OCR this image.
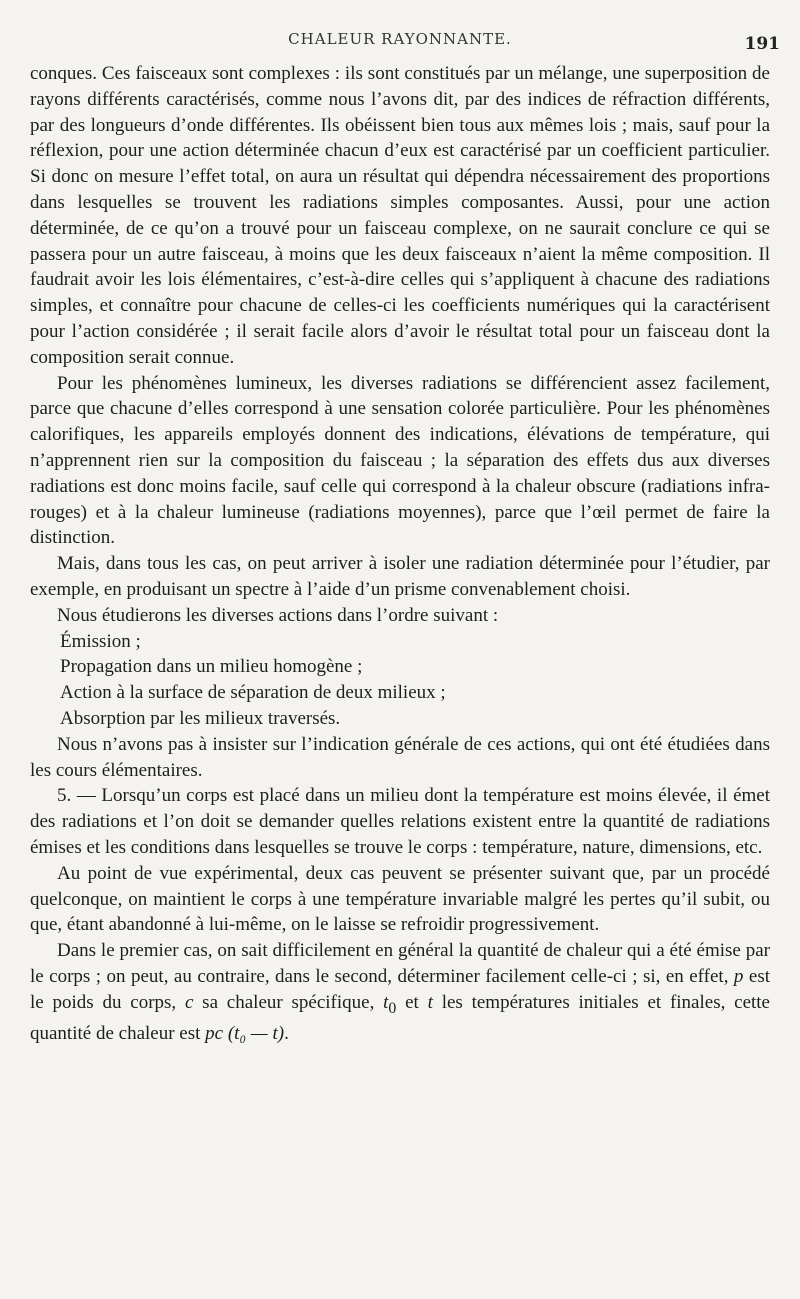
CHALEUR RAYONNANTE.	191

conques. Ces faisceaux sont complexes : ils sont constitués par un mélange, une superposition de rayons différents caractérisés, comme nous l’avons dit, par des indices de réfraction différents, par des longueurs d’onde différentes. Ils obéissent bien tous aux mêmes lois ; mais, sauf pour la réflexion, pour une action déterminée chacun d’eux est caractérisé par un coefficient particulier. Si donc on mesure l’effet total, on aura un résultat qui dépendra nécessairement des proportions dans lesquelles se trouvent les radiations simples composantes. Aussi, pour une action déterminée, de ce qu’on a trouvé pour un faisceau complexe, on ne saurait conclure ce qui se passera pour un autre faisceau, à moins que les deux faisceaux n’aient la même composition. Il faudrait avoir les lois élémentaires, c’est-à-dire celles qui s’appliquent à chacune des radiations simples, et connaître pour chacune de celles-ci les coefficients numériques qui la caractérisent pour l’action considérée ; il serait facile alors d’avoir le résultat total pour un faisceau dont la composition serait connue.

Pour les phénomènes lumineux, les diverses radiations se différencient assez facilement, parce que chacune d’elles correspond à une sensation colorée particulière. Pour les phénomènes calorifiques, les appareils employés donnent des indications, élévations de température, qui n’apprennent rien sur la composition du faisceau ; la séparation des effets dus aux diverses radiations est donc moins facile, sauf celle qui correspond à la chaleur obscure (radiations infra-rouges) et à la chaleur lumineuse (radiations moyennes), parce que l’œil permet de faire la distinction.

Mais, dans tous les cas, on peut arriver à isoler une radiation déterminée pour l’étudier, par exemple, en produisant un spectre à l’aide d’un prisme convenablement choisi.

Nous étudierons les diverses actions dans l’ordre suivant :

Émission ;

Propagation dans un milieu homogène ;

Action à la surface de séparation de deux milieux ;

Absorption par les milieux traversés.

Nous n’avons pas à insister sur l’indication générale de ces actions, qui ont été étudiées dans les cours élémentaires.

5. — Lorsqu’un corps est placé dans un milieu dont la température est moins élevée, il émet des radiations et l’on doit se demander quelles relations existent entre la quantité de radiations émises et les conditions dans lesquelles se trouve le corps : température, nature, dimensions, etc.

Au point de vue expérimental, deux cas peuvent se présenter suivant que, par un procédé quelconque, on maintient le corps à une température invariable malgré les pertes qu’il subit, ou que, étant abandonné à lui-même, on le laisse se refroidir progressivement.

Dans le premier cas, on sait difficilement en général la quantité de chaleur qui a été émise par le corps ; on peut, au contraire, dans le second, déterminer facilement celle-ci ; si, en effet, p est le poids du corps, c sa chaleur spécifique, $t_0$ et t les températures initiales et finales, cette quantité de chaleur est pc (t₀ — t).
